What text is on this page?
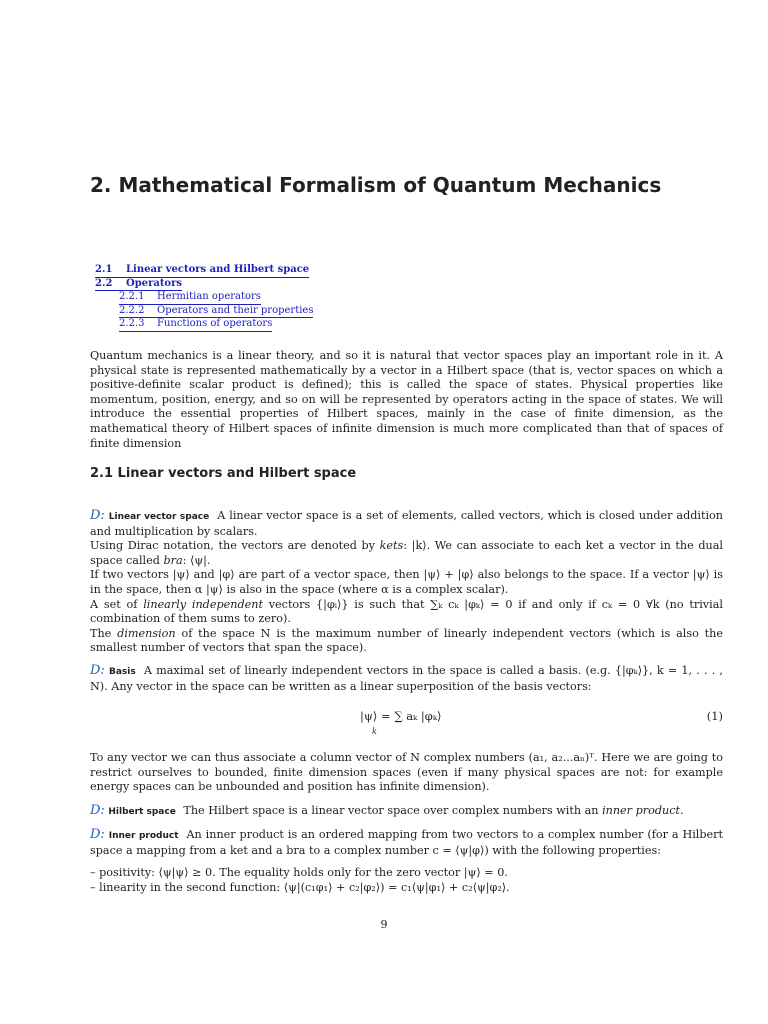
2. Mathematical Formalism of Quantum Mechanics
2.1 Linear vectors and Hilbert space
2.2 Operators
2.2.1 Hermitian operators
2.2.2 Operators and their properties
2.2.3 Functions of operators
Quantum mechanics is a linear theory, and so it is natural that vector spaces play an important role in it. A physical state is represented mathematically by a vector in a Hilbert space (that is, vector spaces on which a positive-definite scalar product is defined); this is called the space of states. Physical properties like momentum, position, energy, and so on will be represented by operators acting in the space of states. We will introduce the essential properties of Hilbert spaces, mainly in the case of finite dimension, as the mathematical theory of Hilbert spaces of infinite dimension is much more complicated than that of spaces of finite dimension
2.1 Linear vectors and Hilbert space
D: Linear vector space A linear vector space is a set of elements, called vectors, which is closed under addition and multiplication by scalars.
Using Dirac notation, the vectors are denoted by kets: |k⟩. We can associate to each ket a vector in the dual space called bra: ⟨ψ|.
If two vectors |ψ⟩ and |φ⟩ are part of a vector space, then |ψ⟩ + |φ⟩ also belongs to the space. If a vector |ψ⟩ is in the space, then α |ψ⟩ is also in the space (where α is a complex scalar).
A set of linearly independent vectors {|φᵢ⟩} is such that ∑ₖ cₖ |φₖ⟩ = 0 if and only if cₖ = 0 ∀k (no trivial combination of them sums to zero).
The dimension of the space N is the maximum number of linearly independent vectors (which is also the smallest number of vectors that span the space).
D: Basis A maximal set of linearly independent vectors in the space is called a basis. (e.g. {|φₖ⟩}, k = 1, . . . , N). Any vector in the space can be written as a linear superposition of the basis vectors:
|ψ⟩ = ∑ aₖ |φₖ⟩
k
(1)
To any vector we can thus associate a column vector of N complex numbers (a₁, a₂...aₙ)ᵀ. Here we are going to restrict ourselves to bounded, finite dimension spaces (even if many physical spaces are not: for example energy spaces can be unbounded and position has infinite dimension).
D: Hilbert space The Hilbert space is a linear vector space over complex numbers with an inner product.
D: Inner product An inner product is an ordered mapping from two vectors to a complex number (for a Hilbert space a mapping from a ket and a bra to a complex number c = ⟨ψ|φ⟩) with the following properties:
– positivity: ⟨ψ|ψ⟩ ≥ 0. The equality holds only for the zero vector |ψ⟩ = 0.
– linearity in the second function: ⟨ψ|(c₁φ₁⟩ + c₂|φ₂⟩) = c₁⟨ψ|φ₁⟩ + c₂⟨ψ|φ₂⟩.
9
